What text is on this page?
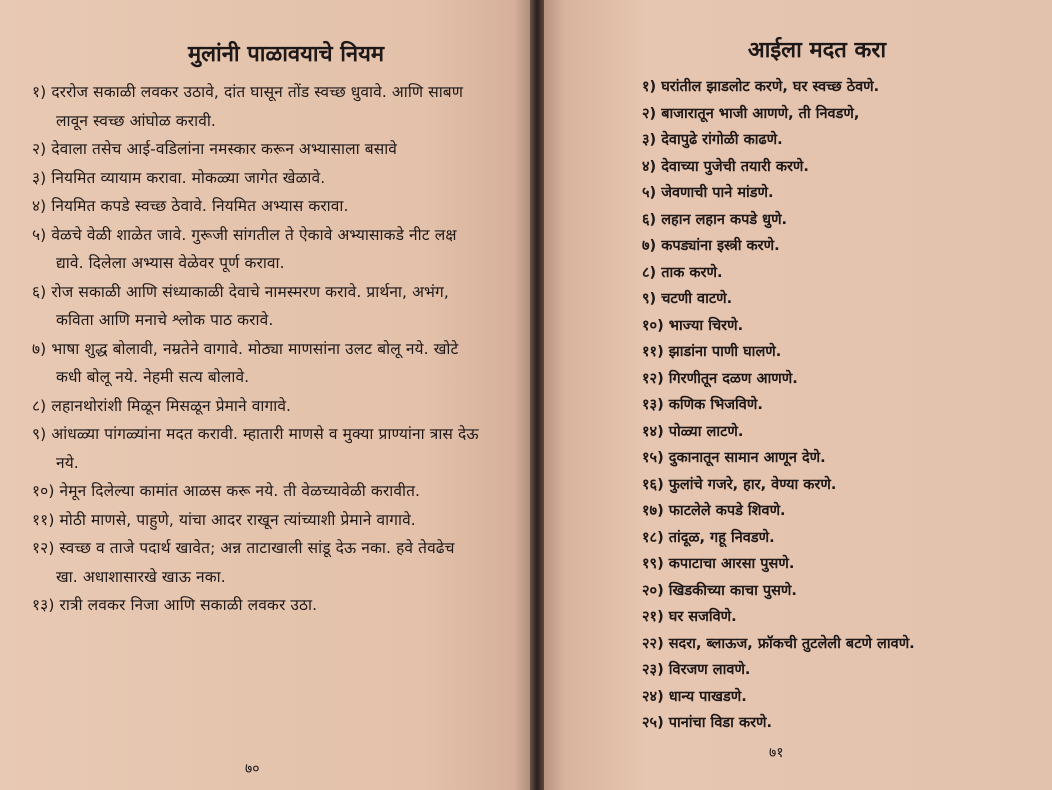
मुलांनी पाळावयाचे नियम
१) दररोज सकाळी लवकर उठावे, दांत घासून तोंड स्वच्छ धुवावे. आणि साबण लावून स्वच्छ आंघोळ करावी.
२) देवाला तसेच आई-वडिलांना नमस्कार करून अभ्यासाला बसावे
३) नियमित व्यायाम करावा. मोकळ्या जागेत खेळावे.
४) नियमित कपडे स्वच्छ ठेवावे. नियमित अभ्यास करावा.
५) वेळचे वेळी शाळेत जावे. गुरूजी सांगतील ते ऐकावे अभ्यासाकडे नीट लक्ष द्यावे. दिलेला अभ्यास वेळेवर पूर्ण करावा.
६) रोज सकाळी आणि संध्याकाळी देवाचे नामस्मरण करावे. प्रार्थना, अभंग, कविता आणि मनाचे श्लोक पाठ करावे.
७) भाषा शुद्ध बोलावी, नम्रतेने वागावे. मोठ्या माणसांना उलट बोलू नये. खोटे कधी बोलू नये. नेहमी सत्य बोलावे.
८) लहानथोरांशी मिळून मिसळून प्रेमाने वागावे.
९) आंधळ्या पांगळ्यांना मदत करावी. म्हातारी माणसे व मुक्या प्राण्यांना त्रास देऊ नये.
१०) नेमून दिलेल्या कामांत आळस करू नये. ती वेळच्यावेळी करावीत.
११) मोठी माणसे, पाहुणे, यांचा आदर राखून त्यांच्याशी प्रेमाने वागावे.
१२) स्वच्छ व ताजे पदार्थ खावेत; अन्न ताटाखाली सांडू देऊ नका. हवे तेवढेच खा. अधाशासारखे खाऊ नका.
१३) रात्री लवकर निजा आणि सकाळी लवकर उठा.
७०
आईला मदत करा
१) घरांतील झाडलोट करणे, घर स्वच्छ ठेवणे.
२) बाजारातून भाजी आणणे, ती निवडणे,
३) देवापुढे रांगोळी काढणे.
४) देवाच्या पुजेची तयारी करणे.
५) जेवणाची पाने मांडणे.
६) लहान लहान कपडे धुणे.
७) कपड्यांना इस्त्री करणे.
८) ताक करणे.
९) चटणी वाटणे.
१०) भाज्या चिरणे.
११) झाडांना पाणी घालणे.
१२) गिरणीतून दळण आणणे.
१३) कणिक भिजविणे.
१४) पोळ्या लाटणे.
१५) दुकानातून सामान आणून देणे.
१६) फुलांचे गजरे, हार, वेण्या करणे.
१७) फाटलेले कपडे शिवणे.
१८) तांदूळ, गहू निवडणे.
१९) कपाटाचा आरसा पुसणे.
२०) खिडकीच्या काचा पुसणे.
२१) घर सजविणे.
२२) सदरा, ब्लाऊज, फ्रॉकची तुटलेली बटणे लावणे.
२३) विरजण लावणे.
२४) धान्य पाखडणे.
२५) पानांचा विडा करणे.
७१
